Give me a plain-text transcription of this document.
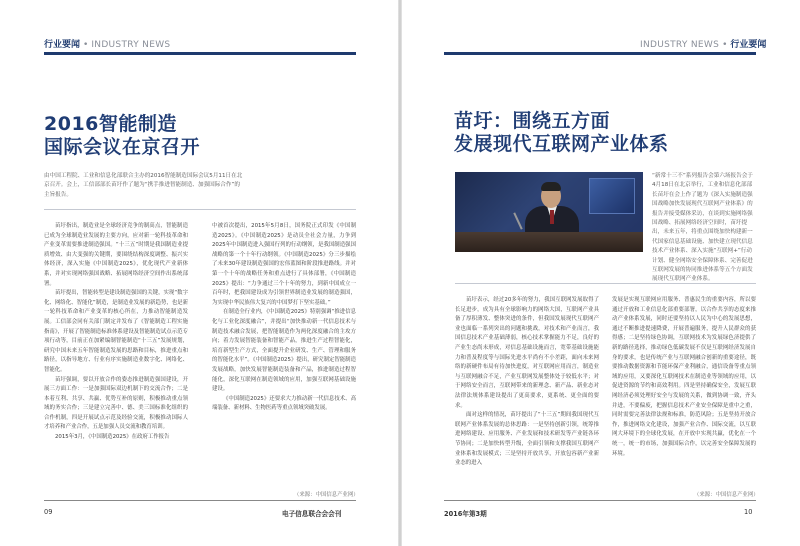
行业要闻 • INDUSTRY NEWS
2016智能制造
国际会议在京召开
由中国工程院、工业和信息化部联合主办的2016智能制造国际会议5月11日在北京召开。会上，工信部部长苗圩作了题为“携手推进智能制造、加强国际合作”的主旨报告。

苗圩指出，制造业是全球经济竞争的制高点，智能制造已成为全球制造业发展的主要方向，应对新一轮科技革命和产业变革需要推进制造强国。“十三五”时期是我国制造业提质增效、由大变强的关键期，要围绕结构深度调整、振兴实体经济，深入实施《中国制造2025》，优化现代产业新体系，并对实现网络强国战略、拓展网络经济空间作出系统部署。

苗圩提出，智能转型是建设制造强国的关键，实现“数字化、网络化、智能化”制造，是制造业发展的新趋势，也是新一轮科技革命和产业变革的核心所在，力推动智能制造发展。工信部会同有关部门制定并发布了《智能制造工程实施指南》，开展了智能制造标准体系建设及智能制造试点示范专项行动等，目前正在加紧编制智能制造“十三五”发展规划，研究中国未来五年智能制造发展的思路和目标，推进重点和路径，以指导地方、行业有序实施制造业数字化、网络化、智能化。

苗圩强调，要以开放合作的姿态推进制造强国建设，开展三方面工作：一是加强国际双边机制下的交流合作；二是本着互利、共享、共赢、优势互补的原则，积极推动重点领域的务实合作；三是建立完善中、德、美三国标准化组织的合作机制，四是开展试点示范及经验交流，积极推动国际人才培养和产业合作，五是加强人员交流和教育培训。

2015年3月，《中国制造2025》在政府工作报告

中被首次提出，2015年5月8日，国务院正式印发《中国制造2025》。《中国制造2025》是动员全社会力量，力争到2025年中国制造进入强国行列的行动纲领，是我国制造强国战略的第一个十年行动纲领。《中国制造2025》分三步描绘了未来30年建设制造强国的宏伟蓝图和阶段推进路线。并对第一个十年的战略任务和重点进行了具体部署，《中国制造2025》提出：“力争通过三个十年的努力，到新中国成立一百年时，把我国建设成为引领世界制造业发展的制造强国，为实现中华民族伟大复兴的中国梦打下坚实基础。”

在制造全行业内，《中国制造2025》特别强调“推进信息化与工业化深度融合”，并提出“加快推动新一代信息技术与制造技术融合发展，把智能制造作为两化深度融合的主攻方向；着力发展智能装备和智能产品，推进生产过程智能化，培育新型生产方式，全面提升企业研发、生产、管理和服务的智能化水平”。《中国制造2025》提出，研究制定智能制造发展战略，加快发展智能制造装备和产品，推进制造过程智能化，深化互联网在制造领域的应用，加强互联网基础设施建设。

《中国制造2025》还要求大力推动新一代信息技术、高端装备、新材料、生物医药等重点领域突破发展。

（来源：中国信息产业网）
09	电子信息联合会会刊
INDUSTRY NEWS • 行业要闻
苗圩：围绕五方面
发展现代互联网产业体系
“新常十三不”系列报告会第六场报告会于4月18日在北京举行，工业和信息化部部长苗圩在会上作了题为《深入实施制造强国战略加快发展现代互联网产业体系》的报告并接受媒体采访，在谈到实施网络强国战略、拓展网络经济空间时，苗圩提出，未来五年，将重点围绕加快构建新一代国家信息基础设施、加快建立现代信息技术产业体系、深入实施“互联网+”行动计划、健全网络安全保障体系、完善促进互联网发展的协同推进体系等五个方面发展现代互联网产业体系。

苗圩表示，经过20多年的努力，我国互联网发展取得了长足进步，成为具有全球影响力的网络大国，互联网产业具备了厚积薄发、整体突进的条件，但我国发展现代互联网产业也面临一系列突出的问题和挑战，对技术和产业而言，我国信息技术产业基础薄弱，核心技术掌握能力不足，良好的产业生态尚未形成，对信息基础设施而言，宽带基础设施能力和普及程度等与国际先进水平尚有不小差距，面向未来网络的新硬件布局有待加快进度，对互联网应用而言，制造业与互联网融合不足，产业互联网发展整体处于较低水平；对于网络安全而言，互联网带来的新理念、新产品、新业态对法律法规体系建设提出了更高要求，更系统、更全面的要求。

面对这样的情况，苗圩提出了“十三五”期间我国现代互联网产业体系发展的总体思路：一是坚持创新引领，统筹推进网络建设、应用服务、产业发展和技术研发等产业链各环节协同；二是加快转型升级，全面引领和支撑我国互联网产业体系和发展模式；三是坚持开放共享，开放包容新产业新业态的进入

发展是实现互联网应用服务、普惠民生的重要内容，所以要通过开放和工业信息化部重要部署，以合作共享的态度来推动产业体系发展，同时还要坚持以人民为中心的发展思想，通过不断推进提速降费，开展普遍服务，提升人民群众的获得感；二是坚持绿色协调，互联网技术为发展绿色济提供了新的路径选择，推动绿色低碳发展不仅是互联网经济发展自身的要求，也是传统产业与互联网融合创新的重要途径，既要推动数据资源和节能环保产业利融合，通信设备等重点领域的应用，又要深化互联网技术在制造业等领域的应用，以促进资源的节约和高效利用。四是坚持确保安全，发展互联网经济必须处理好安全与发展的关系，做到协调一致，齐头并进，不要偏废，把握信息技术产业安全保障是重中之重，同时需要完善法律法规和标准，防范风险；五是坚持开放合作，推进网络文化建设，加强产业合作、国际交流，以互联网大环境下的全球化发展，在开放中实现共赢，优化在一个统一，统一的市场，加强国际合作，以完善安全保障发展的环境。

（来源：中国信息产业网）
2016年第3期	10
